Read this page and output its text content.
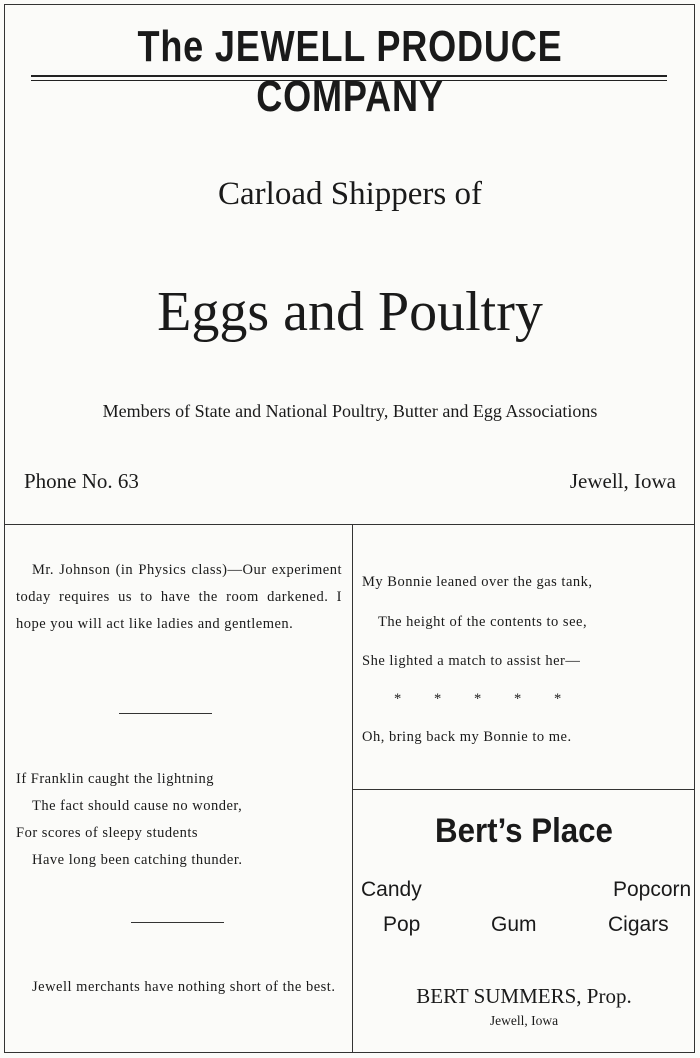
The JEWELL PRODUCE COMPANY
Carload Shippers of
Eggs and Poultry
Members of State and National Poultry, Butter and Egg Associations
Phone No. 63	Jewell, Iowa
Mr. Johnson (in Physics class)—Our experiment today requires us to have the room darkened. I hope you will act like ladies and gentlemen.
If Franklin caught the lightning
The fact should cause no wonder,
For scores of sleepy students
Have long been catching thunder.
Jewell merchants have nothing short of the best.
My Bonnie leaned over the gas tank,
The height of the contents to see,
She lighted a match to assist her—
* * * * *
Oh, bring back my Bonnie to me.
Bert’s Place
Candy	Popcorn
Pop	Gum	Cigars
BERT SUMMERS, Prop.
Jewell, Iowa
